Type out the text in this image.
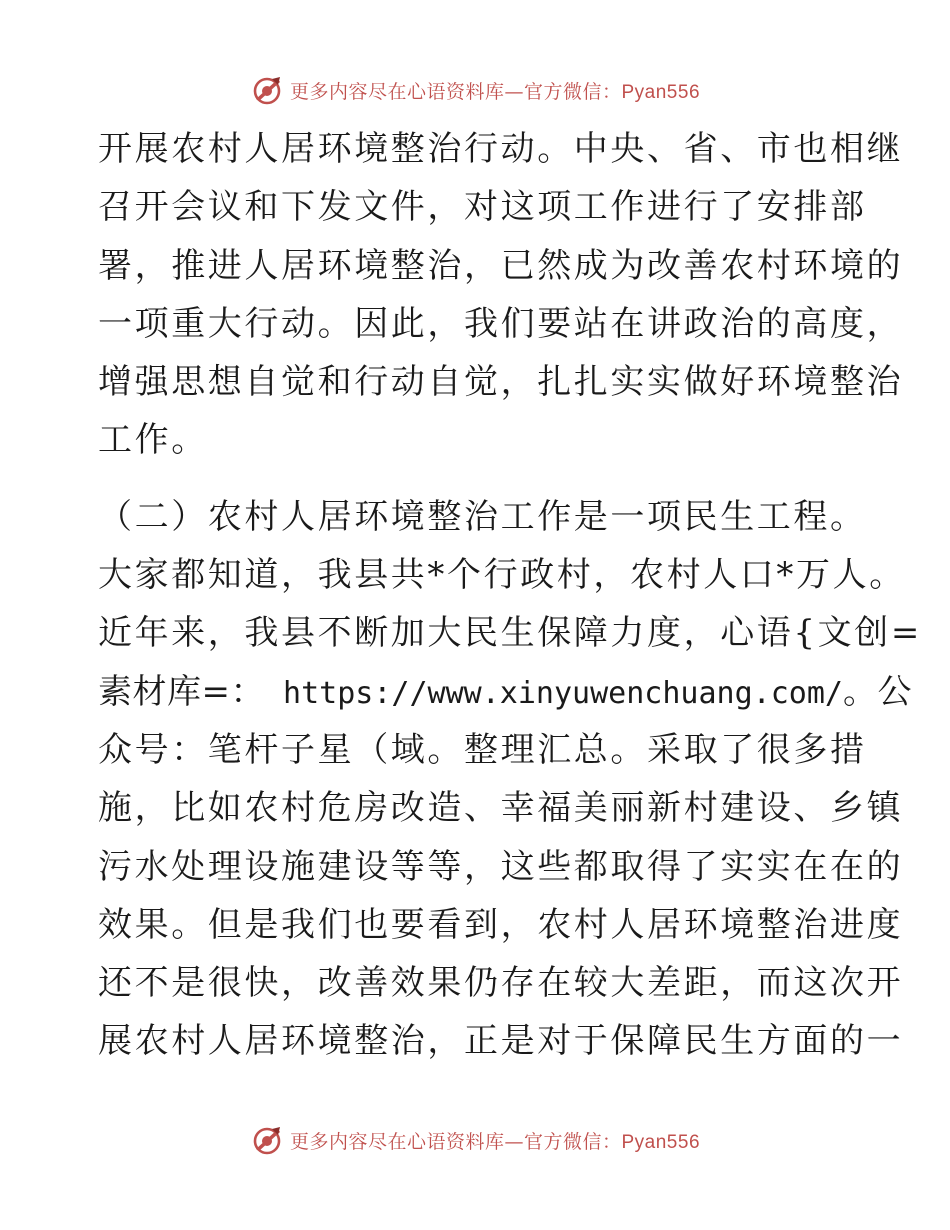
更多内容尽在心语资料库—官方微信：Pyan556
开展农村人居环境整治行动。中央、省、市也相继
召开会议和下发文件，对这项工作进行了安排部
署，推进人居环境整治，已然成为改善农村环境的
一项重大行动。因此，我们要站在讲政治的高度，
增强思想自觉和行动自觉，扎扎实实做好环境整治
工作。
（二）农村人居环境整治工作是一项民生工程。
大家都知道，我县共*个行政村，农村人口*万人。
近年来，我县不断加大民生保障力度，心语{文创=
素材库=： https://www.xinyuwenchuang.com/。公
众号：笔杆子星（域。整理汇总。采取了很多措
施，比如农村危房改造、幸福美丽新村建设、乡镇
污水处理设施建设等等，这些都取得了实实在在的
效果。但是我们也要看到，农村人居环境整治进度
还不是很快，改善效果仍存在较大差距，而这次开
展农村人居环境整治，正是对于保障民生方面的一
更多内容尽在心语资料库—官方微信：Pyan556
